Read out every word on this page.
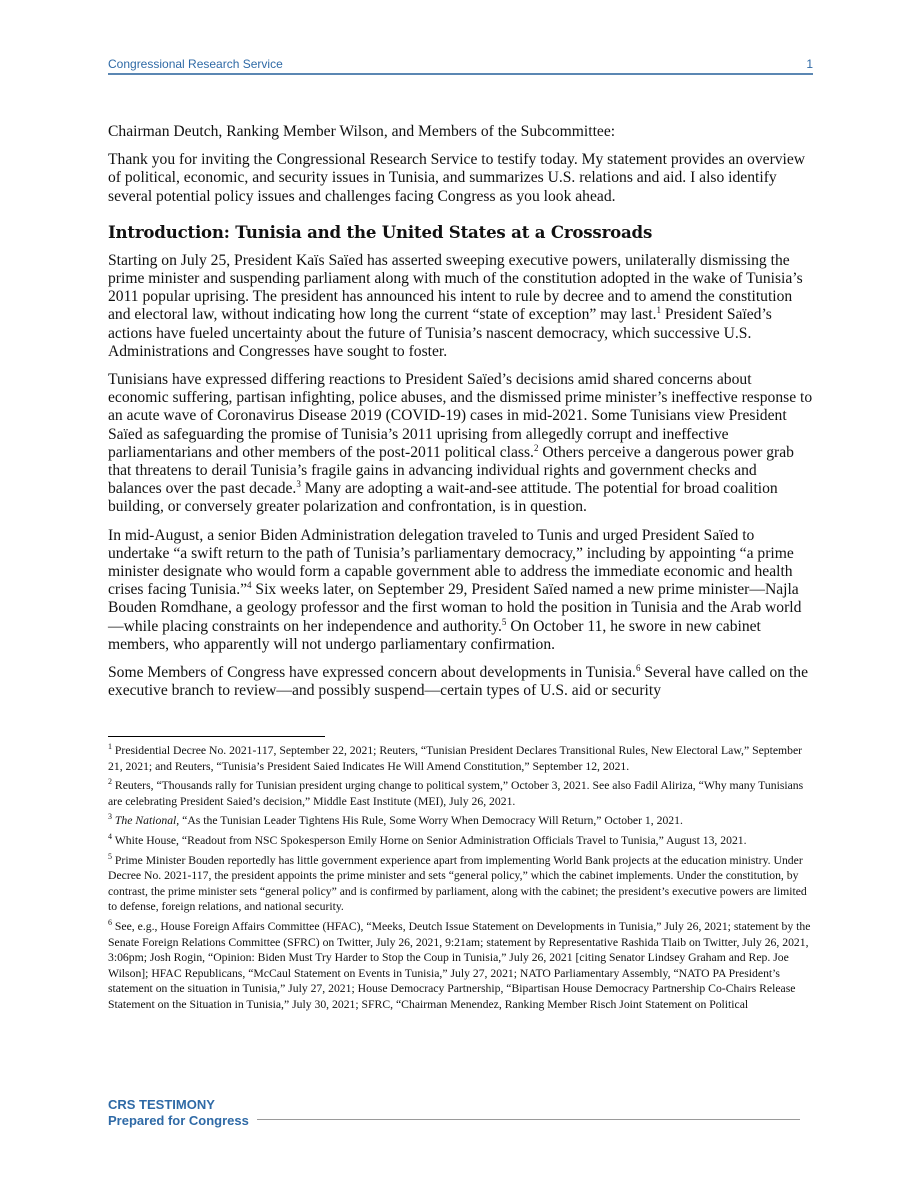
Congressional Research Service	1

Chairman Deutch, Ranking Member Wilson, and Members of the Subcommittee:

Thank you for inviting the Congressional Research Service to testify today. My statement provides an overview of political, economic, and security issues in Tunisia, and summarizes U.S. relations and aid. I also identify several potential policy issues and challenges facing Congress as you look ahead.

Introduction: Tunisia and the United States at a Crossroads

Starting on July 25, President Kaïs Saïed has asserted sweeping executive powers, unilaterally dismissing the prime minister and suspending parliament along with much of the constitution adopted in the wake of Tunisia’s 2011 popular uprising. The president has announced his intent to rule by decree and to amend the constitution and electoral law, without indicating how long the current “state of exception” may last.$^1$ President Saïed’s actions have fueled uncertainty about the future of Tunisia’s nascent democracy, which successive U.S. Administrations and Congresses have sought to foster.

Tunisians have expressed differing reactions to President Saïed’s decisions amid shared concerns about economic suffering, partisan infighting, police abuses, and the dismissed prime minister’s ineffective response to an acute wave of Coronavirus Disease 2019 (COVID-19) cases in mid-2021. Some Tunisians view President Saïed as safeguarding the promise of Tunisia’s 2011 uprising from allegedly corrupt and ineffective parliamentarians and other members of the post-2011 political class.$^2$ Others perceive a dangerous power grab that threatens to derail Tunisia’s fragile gains in advancing individual rights and government checks and balances over the past decade.$^3$ Many are adopting a wait-and-see attitude. The potential for broad coalition building, or conversely greater polarization and confrontation, is in question.

In mid-August, a senior Biden Administration delegation traveled to Tunis and urged President Saïed to undertake “a swift return to the path of Tunisia’s parliamentary democracy,” including by appointing “a prime minister designate who would form a capable government able to address the immediate economic and health crises facing Tunisia.”$^4$ Six weeks later, on September 29, President Saïed named a new prime minister—Najla Bouden Romdhane, a geology professor and the first woman to hold the position in Tunisia and the Arab world—while placing constraints on her independence and authority.$^5$ On October 11, he swore in new cabinet members, who apparently will not undergo parliamentary confirmation.

Some Members of Congress have expressed concern about developments in Tunisia.$^6$ Several have called on the executive branch to review—and possibly suspend—certain types of U.S. aid or security

$^1$ Presidential Decree No. 2021-117, September 22, 2021; Reuters, “Tunisian President Declares Transitional Rules, New Electoral Law,” September 21, 2021; and Reuters, “Tunisia’s President Saied Indicates He Will Amend Constitution,” September 12, 2021.

$^2$ Reuters, “Thousands rally for Tunisian president urging change to political system,” October 3, 2021. See also Fadil Aliriza, “Why many Tunisians are celebrating President Saied’s decision,” Middle East Institute (MEI), July 26, 2021.

$^3$ The National, “As the Tunisian Leader Tightens His Rule, Some Worry When Democracy Will Return,” October 1, 2021.

$^4$ White House, “Readout from NSC Spokesperson Emily Horne on Senior Administration Officials Travel to Tunisia,” August 13, 2021.

$^5$ Prime Minister Bouden reportedly has little government experience apart from implementing World Bank projects at the education ministry. Under Decree No. 2021-117, the president appoints the prime minister and sets “general policy,” which the cabinet implements. Under the constitution, by contrast, the prime minister sets “general policy” and is confirmed by parliament, along with the cabinet; the president’s executive powers are limited to defense, foreign relations, and national security.

$^6$ See, e.g., House Foreign Affairs Committee (HFAC), “Meeks, Deutch Issue Statement on Developments in Tunisia,” July 26, 2021; statement by the Senate Foreign Relations Committee (SFRC) on Twitter, July 26, 2021, 9:21am; statement by Representative Rashida Tlaib on Twitter, July 26, 2021, 3:06pm; Josh Rogin, “Opinion: Biden Must Try Harder to Stop the Coup in Tunisia,” July 26, 2021 [citing Senator Lindsey Graham and Rep. Joe Wilson]; HFAC Republicans, “McCaul Statement on Events in Tunisia,” July 27, 2021; NATO Parliamentary Assembly, “NATO PA President’s statement on the situation in Tunisia,” July 27, 2021; House Democracy Partnership, “Bipartisan House Democracy Partnership Co-Chairs Release Statement on the Situation in Tunisia,” July 30, 2021; SFRC, “Chairman Menendez, Ranking Member Risch Joint Statement on Political

CRS TESTIMONY
Prepared for Congress
